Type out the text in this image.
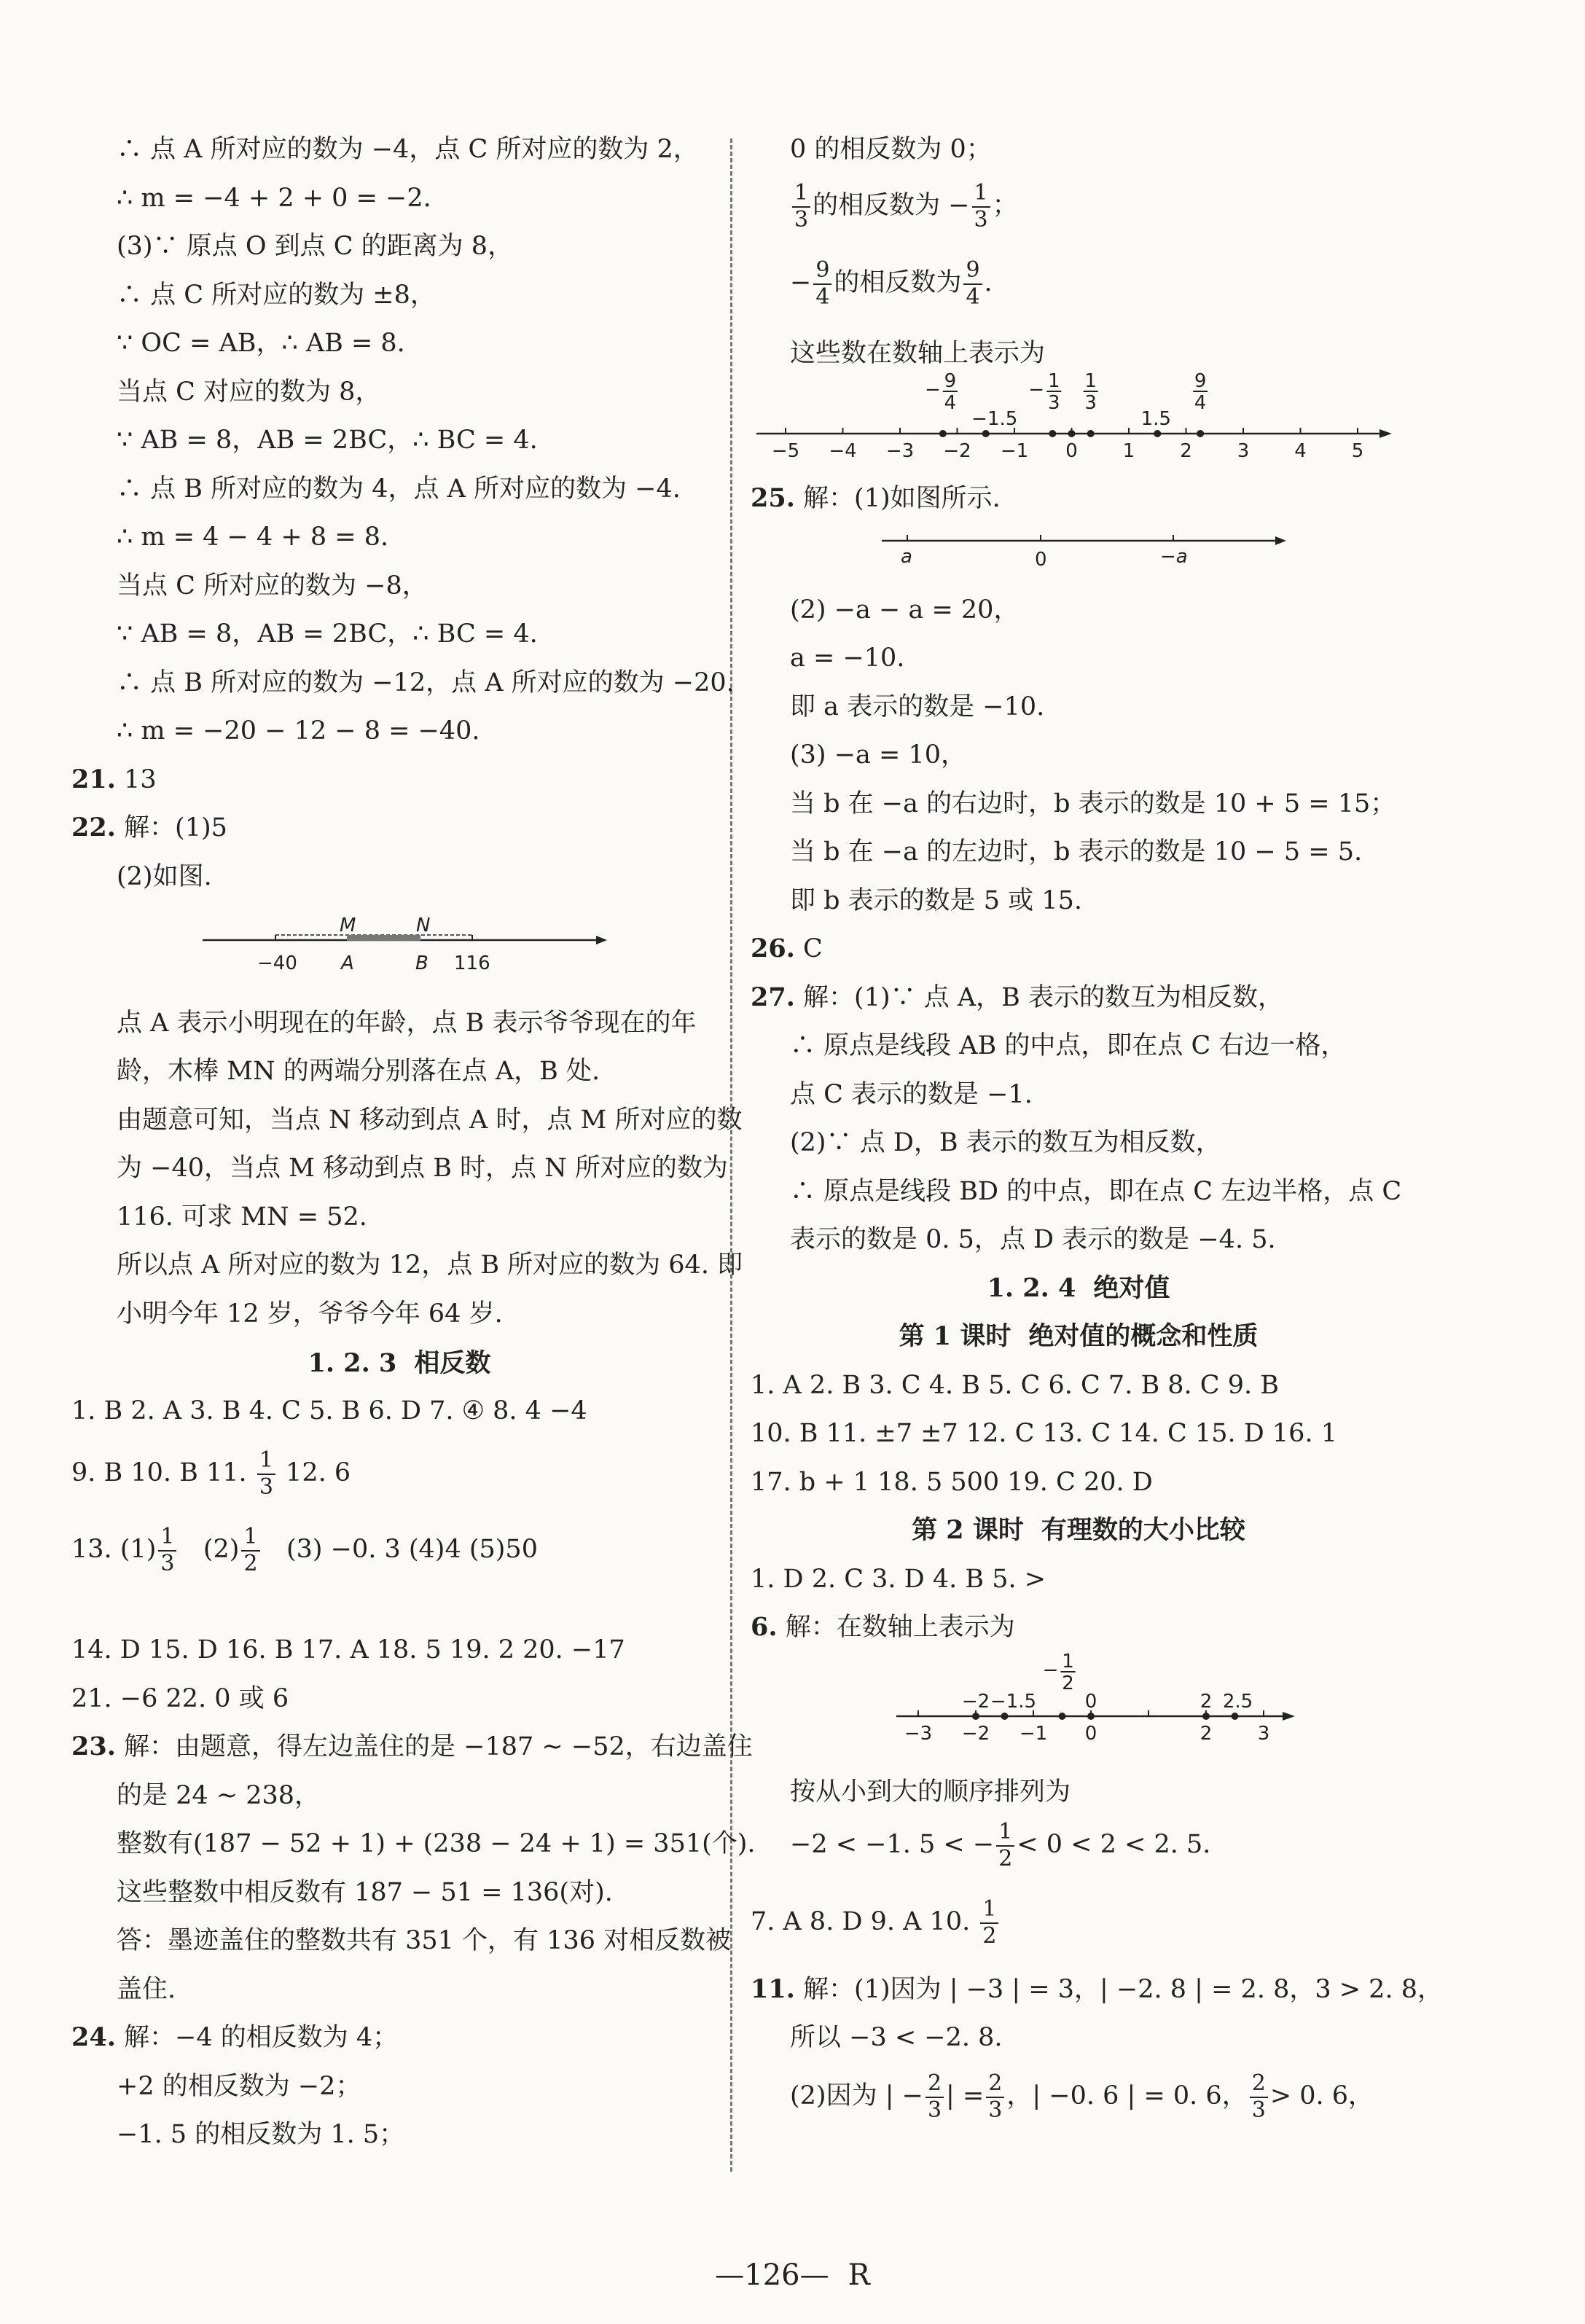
∴ 点 A 所对应的数为 −4，点 C 所对应的数为 2，
∴ m = −4 + 2 + 0 = −2.
(3)∵ 原点 O 到点 C 的距离为 8，
∴ 点 C 所对应的数为 ±8，
∵ OC = AB，∴ AB = 8.
当点 C 对应的数为 8，
∵ AB = 8，AB = 2BC，∴ BC = 4.
∴ 点 B 所对应的数为 4，点 A 所对应的数为 −4.
∴ m = 4 − 4 + 8 = 8.
当点 C 所对应的数为 −8，
∵ AB = 8，AB = 2BC，∴ BC = 4.
∴ 点 B 所对应的数为 −12，点 A 所对应的数为 −20.
∴ m = −20 − 12 − 8 = −40.
21. 13
22. 解：(1)5
(2)如图.
M	N
A	B
−40	116
点 A 表示小明现在的年龄，点 B 表示爷爷现在的年
龄，木棒 MN 的两端分别落在点 A，B 处.
由题意可知，当点 N 移动到点 A 时，点 M 所对应的数
为 −40，当点 M 移动到点 B 时，点 N 所对应的数为
116. 可求 MN = 52.
所以点 A 所对应的数为 12，点 B 所对应的数为 64. 即
小明今年 12 岁，爷爷今年 64 岁.
1. 2. 3 相反数
1. B 2. A 3. B 4. C 5. B 6. D 7. ④ 8. 4 −4
9. B 10. B 11. $\frac{1}{3} 12$. 6
13. $(1) \frac{1}{3} (2) \frac{1}{2} (3) -0$. 3 (4)4 (5)50
14. D 15. D 16. B 17. A 18. 5 19. 2 20. −17
21. −6 22. 0 或 6
23. 解：由题意，得左边盖住的是 −187 ~ −52，右边盖住
的是 24 ~ 238，
整数有(187 − 52 + 1) + (238 − 24 + 1) = 351(个).
这些整数中相反数有 187 − 51 = 136(对).
答：墨迹盖住的整数共有 351 个，有 136 对相反数被
盖住.
24. 解：−4 的相反数为 4；
+2 的相反数为 −2；
−1. 5 的相反数为 1. 5；
0 的相反数为 0；
$\frac{1}{3}$ 的相反数为 − $\frac{1}{3}$ ；
− $\frac{9}{4}$ 的相反数为 $\frac{9}{4}$ .
这些数在数轴上表示为
−5 −4 −3 −2 −1 0 1 2 3 4 5
−1.5	1.5
− 9
4
− 1
3
1
3
9
4
25. 解：(1)如图所示.
a	0	−a
(2) −a − a = 20，
a = −10.
即 a 表示的数是 −10.
(3) −a = 10，
当 b 在 −a 的右边时，b 表示的数是 10 + 5 = 15；
当 b 在 −a 的左边时，b 表示的数是 10 − 5 = 5.
即 b 表示的数是 5 或 15.
26. C
27. 解：(1)∵ 点 A，B 表示的数互为相反数，
∴ 原点是线段 AB 的中点，即在点 C 右边一格，
点 C 表示的数是 −1.
(2)∵ 点 D，B 表示的数互为相反数，
∴ 原点是线段 BD 的中点，即在点 C 左边半格，点 C
表示的数是 0. 5，点 D 表示的数是 −4. 5.
1. 2. 4 绝对值
第 1 课时 绝对值的概念和性质
1. A 2. B 3. C 4. B 5. C 6. C 7. B 8. C 9. B
10. B 11. ±7 ±7 12. C 13. C 14. C 15. D 16. 1
17. b + 1 18. 5 500 19. C 20. D
第 2 课时 有理数的大小比较
1. D 2. C 3. D 4. B 5. >
6. 解：在数轴上表示为
−3 −2 −1 0	2 3
−2 −1.5	0	2 2.5
− 1
2
按从小到大的顺序排列为
−2 < −1. 5 < − $\frac{1}{2} < 0 < 2 < 2$. 5.
7. A 8. D 9. A 10. $\frac{1}{2}$
11. 解：(1)因为 | −3 | = 3，| −2. 8 | = 2. 8，3 > 2. 8，
所以 −3 < −2. 8.
(2)因为 | − $\frac{2}{3}$ | = $\frac{2}{3}$ ，| −0. 6 | = 0. 6， $\frac{2}{3} > 0$. 6，
—126— R
